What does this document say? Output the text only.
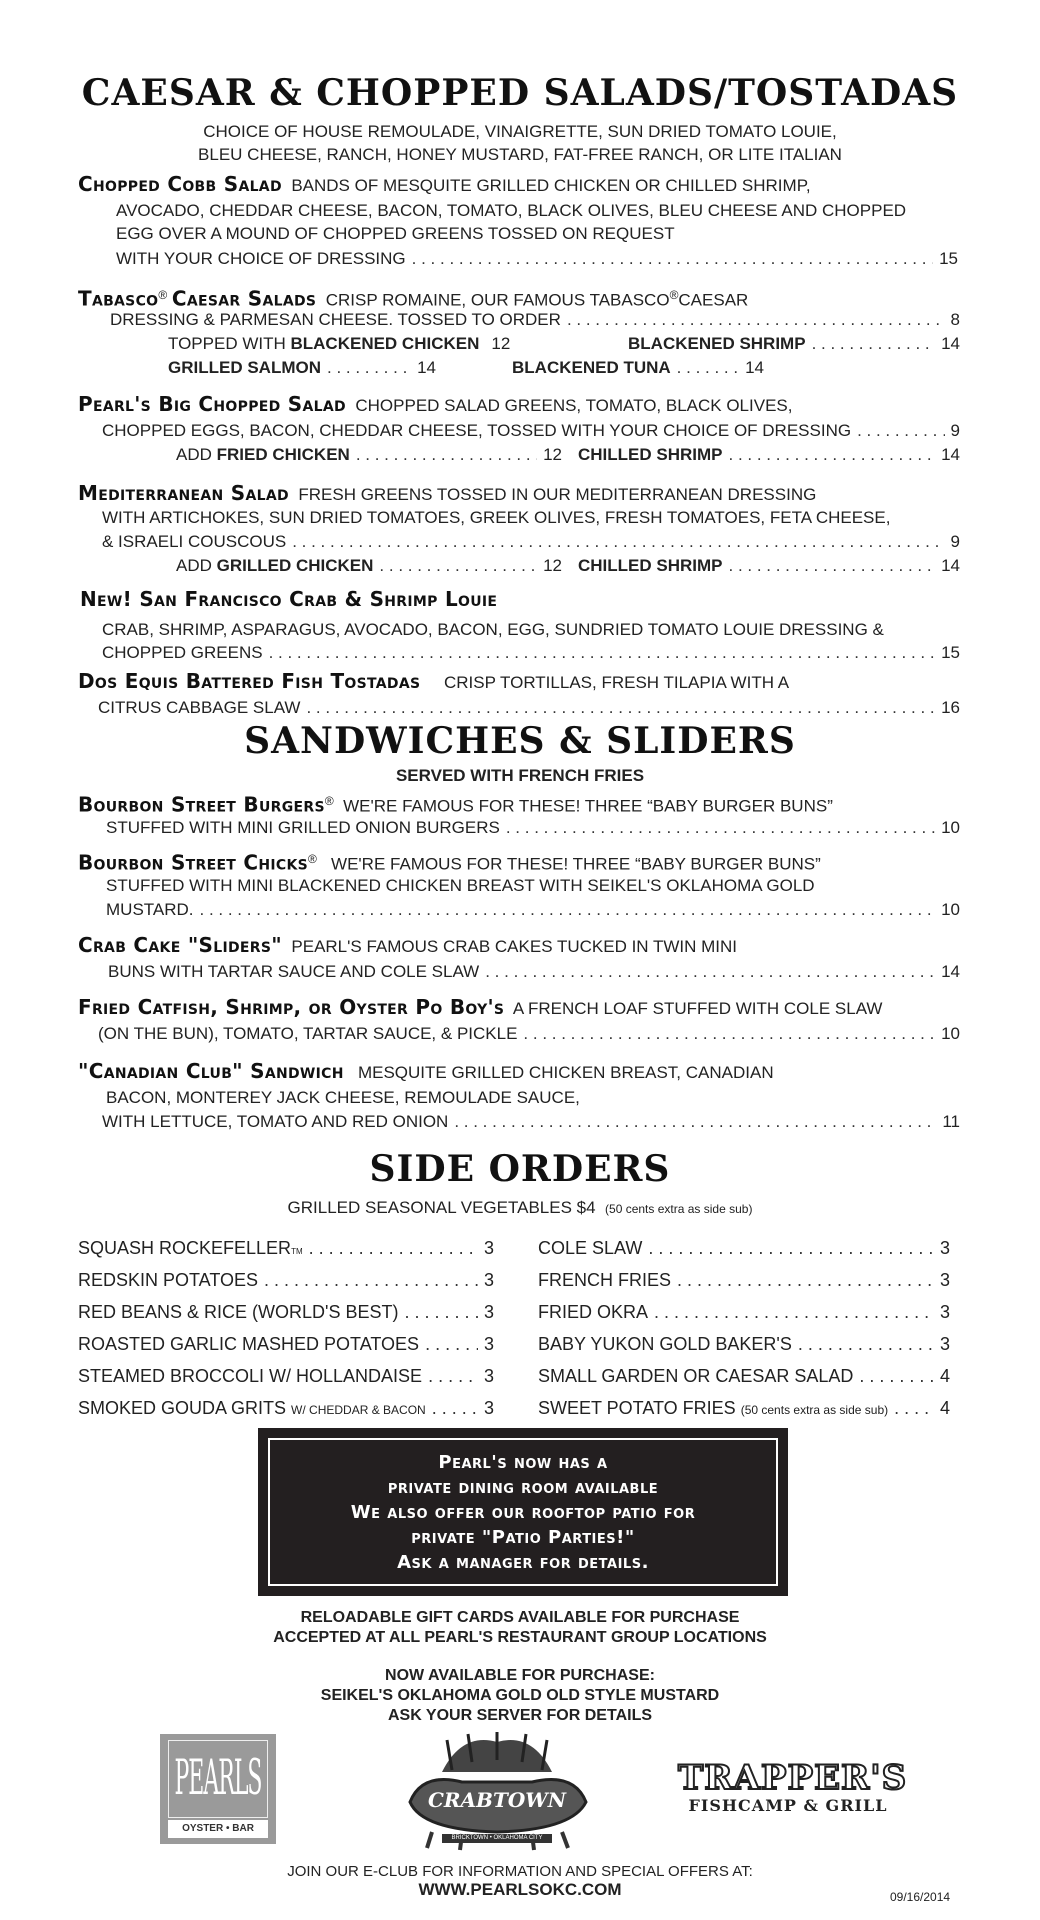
CAESAR & CHOPPED SALADS/TOSTADAS
CHOICE OF HOUSE REMOULADE, VINAIGRETTE, SUN DRIED TOMATO LOUIE,
BLEU CHEESE, RANCH, HONEY MUSTARD, FAT-FREE RANCH, OR LITE ITALIAN
Chopped Cobb Salad BANDS OF MESQUITE GRILLED CHICKEN OR CHILLED SHRIMP,
AVOCADO, CHEDDAR CHEESE, BACON, TOMATO, BLACK OLIVES, BLEU CHEESE AND CHOPPED
EGG OVER A MOUND OF CHOPPED GREENS TOSSED ON REQUEST
WITH YOUR CHOICE OF DRESSING . . .	15
Tabasco® Caesar Salads CRISP ROMAINE, OUR FAMOUS TABASCO®CAESAR
DRESSING & PARMESAN CHEESE. TOSSED TO ORDER . . .	8
TOPPED WITH
BLACKENED CHICKEN 12	BLACKENED SHRIMP . . .	14
GRILLED SALMON . . .	14	BLACKENED TUNA . . .	14
Pearl's Big Chopped Salad CHOPPED SALAD GREENS, TOMATO, BLACK OLIVES,
CHOPPED EGGS, BACON, CHEDDAR CHEESE, TOSSED WITH YOUR CHOICE OF DRESSING . . .	9
ADD
FRIED CHICKEN . . .	12 CHILLED SHRIMP . . .	14
Mediterranean Salad FRESH GREENS TOSSED IN OUR MEDITERRANEAN DRESSING
WITH ARTICHOKES, SUN DRIED TOMATOES, GREEK OLIVES, FRESH TOMATOES, FETA CHEESE,
& ISRAELI COUSCOUS . . .	9
ADD
GRILLED CHICKEN . . .	12 CHILLED SHRIMP . . .	14
New! San Francisco Crab & Shrimp Louie
CRAB, SHRIMP, ASPARAGUS, AVOCADO, BACON, EGG, SUNDRIED TOMATO LOUIE DRESSING &
CHOPPED GREENS . . .	15
Dos Equis Battered Fish Tostadas CRISP TORTILLAS, FRESH TILAPIA WITH A
CITRUS CABBAGE SLAW . . .	16
SANDWICHES & SLIDERS
SERVED WITH FRENCH FRIES
Bourbon Street Burgers® WE'RE FAMOUS FOR THESE! THREE “BABY BURGER BUNS”
STUFFED WITH MINI GRILLED ONION BURGERS . . .	10
Bourbon Street Chicks® WE'RE FAMOUS FOR THESE! THREE “BABY BURGER BUNS”
STUFFED WITH MINI BLACKENED CHICKEN BREAST WITH SEIKEL'S OKLAHOMA GOLD
MUSTARD. . . .	10
Crab Cake "Sliders" PEARL'S FAMOUS CRAB CAKES TUCKED IN TWIN MINI
BUNS WITH TARTAR SAUCE AND COLE SLAW . . .	14
Fried Catfish, Shrimp, or Oyster Po Boy's A FRENCH LOAF STUFFED WITH COLE SLAW
(ON THE BUN), TOMATO, TARTAR SAUCE, & PICKLE . . .	10
"Canadian Club" Sandwich MESQUITE GRILLED CHICKEN BREAST, CANADIAN
BACON, MONTEREY JACK CHEESE, REMOULADE SAUCE,
WITH LETTUCE, TOMATO AND RED ONION . . .	11
SIDE ORDERS
GRILLED SEASONAL VEGETABLES $4 (50 cents extra as side sub)
SQUASH $ROCKEFELLER_{TM}$ . . .	3
REDSKIN POTATOES . . .	3
RED BEANS & RICE (WORLD'S BEST) . . .	3
ROASTED GARLIC MASHED POTATOES . . .	3
STEAMED BROCCOLI W/ HOLLANDAISE . . .	3
SMOKED GOUDA GRITS W/ CHEDDAR & BACON . . .	3
COLE SLAW . . .	3
FRENCH FRIES . . .	3
FRIED OKRA . . .	3
BABY YUKON GOLD BAKER'S . . .	3
SMALL GARDEN OR CAESAR SALAD . . .	4
SWEET POTATO FRIES (50 cents extra as side sub) . . .	4
Pearl's now has a
private dining room available
We also offer our rooftop patio for
private "Patio Parties!"
Ask a manager for details.
RELOADABLE GIFT CARDS AVAILABLE FOR PURCHASE
ACCEPTED AT ALL PEARL'S RESTAURANT GROUP LOCATIONS
NOW AVAILABLE FOR PURCHASE:
SEIKEL'S OKLAHOMA GOLD OLD STYLE MUSTARD
ASK YOUR SERVER FOR DETAILS
PEARLS
OYSTER • BAR
CRABTOWN
BRICKTOWN • OKLAHOMA CITY
TRAPPER'S
FISHCAMP & GRILL
JOIN OUR E-CLUB FOR INFORMATION AND SPECIAL OFFERS AT:
WWW.PEARLSOKC.COM	09/16/2014
